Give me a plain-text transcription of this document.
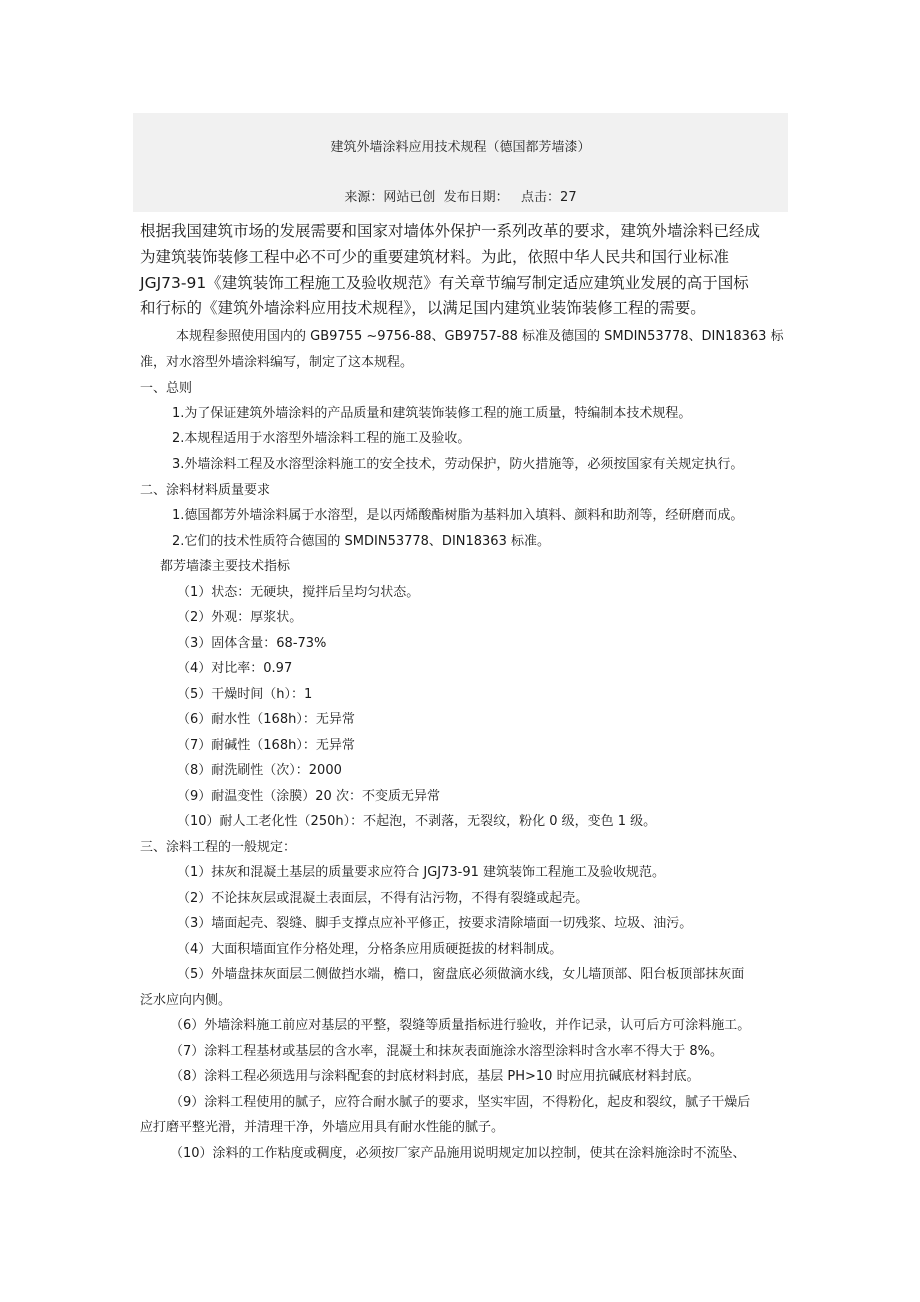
建筑外墙涂料应用技术规程（德国都芳墙漆）
来源：网站已创  发布日期：   点击：27
根据我国建筑市场的发展需要和国家对墙体外保护一系列改革的要求，建筑外墙涂料已经成
为建筑装饰装修工程中必不可少的重要建筑材料。为此，依照中华人民共和国行业标准
JGJ73-91《建筑装饰工程施工及验收规范》有关章节编写制定适应建筑业发展的高于国标
和行标的《建筑外墙涂料应用技术规程》，以满足国内建筑业装饰装修工程的需要。
本规程参照使用国内的 GB9755 ~9756-88、GB9757-88 标准及德国的 SMDIN53778、DIN18363 标
准，对水溶型外墙涂料编写，制定了这本规程。
一、总则
1.为了保证建筑外墙涂料的产品质量和建筑装饰装修工程的施工质量，特编制本技术规程。
2.本规程适用于水溶型外墙涂料工程的施工及验收。
3.外墙涂料工程及水溶型涂料施工的安全技术，劳动保护，防火措施等，必须按国家有关规定执行。
二、涂料材料质量要求
1.德国都芳外墙涂料属于水溶型，是以丙烯酸酯树脂为基料加入填料、颜料和助剂等，经研磨而成。
2.它们的技术性质符合德国的 SMDIN53778、DIN18363 标准。
都芳墙漆主要技术指标
（1）状态：无硬块，搅拌后呈均匀状态。
（2）外观：厚浆状。
（3）固体含量：68-73%
（4）对比率：0.97
（5）干燥时间（h）：1
（6）耐水性（168h）：无异常
（7）耐碱性（168h）：无异常
（8）耐洗刷性（次）：2000
（9）耐温变性（涂膜）20 次：不变质无异常
（10）耐人工老化性（250h）：不起泡，不剥落，无裂纹，粉化 0 级，变色 1 级。
三、涂料工程的一般规定：
（1）抹灰和混凝土基层的质量要求应符合 JGJ73-91 建筑装饰工程施工及验收规范。
（2）不论抹灰层或混凝土表面层，不得有沾污物，不得有裂缝或起壳。
（3）墙面起壳、裂缝、脚手支撑点应补平修正，按要求清除墙面一切残浆、垃圾、油污。
（4）大面积墙面宜作分格处理，分格条应用质硬挺拔的材料制成。
（5）外墙盘抹灰面层二侧做挡水端，檐口，窗盘底必须做滴水线，女儿墙顶部、阳台板顶部抹灰面
泛水应向内侧。
（6）外墙涂料施工前应对基层的平整，裂缝等质量指标进行验收，并作记录，认可后方可涂料施工。
（7）涂料工程基材或基层的含水率，混凝土和抹灰表面施涂水溶型涂料时含水率不得大于 8%。
（8）涂料工程必须选用与涂料配套的封底材料封底，基层 PH>10 时应用抗碱底材料封底。
（9）涂料工程使用的腻子，应符合耐水腻子的要求，坚实牢固，不得粉化，起皮和裂纹，腻子干燥后
应打磨平整光滑，并清理干净，外墙应用具有耐水性能的腻子。
（10）涂料的工作粘度或稠度，必须按厂家产品施用说明规定加以控制，使其在涂料施涂时不流坠、
